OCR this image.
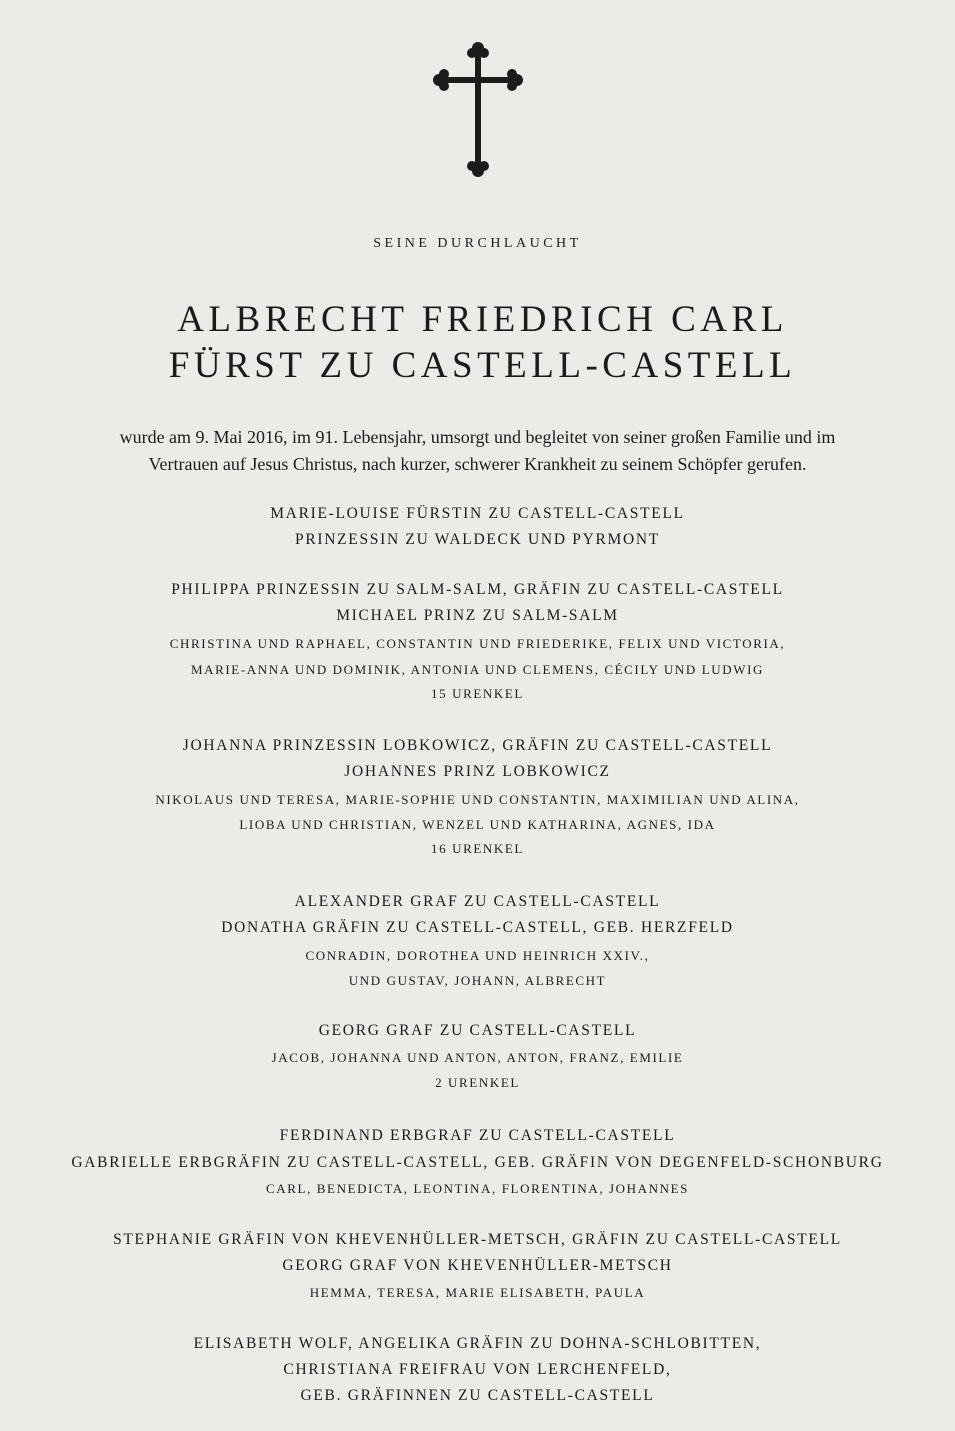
SEINE DURCHLAUCHT
ALBRECHT FRIEDRICH CARL
FÜRST ZU CASTELL-CASTELL
wurde am 9. Mai 2016, im 91. Lebensjahr, umsorgt und begleitet von seiner großen Familie und im
Vertrauen auf Jesus Christus, nach kurzer, schwerer Krankheit zu seinem Schöpfer gerufen.
MARIE-LOUISE FÜRSTIN ZU CASTELL-CASTELL
PRINZESSIN ZU WALDECK UND PYRMONT
PHILIPPA PRINZESSIN ZU SALM-SALM, GRÄFIN ZU CASTELL-CASTELL
MICHAEL PRINZ ZU SALM-SALM
CHRISTINA UND RAPHAEL, CONSTANTIN UND FRIEDERIKE, FELIX UND VICTORIA,
MARIE-ANNA UND DOMINIK, ANTONIA UND CLEMENS, CÉCILY UND LUDWIG
15 URENKEL
JOHANNA PRINZESSIN LOBKOWICZ, GRÄFIN ZU CASTELL-CASTELL
JOHANNES PRINZ LOBKOWICZ
NIKOLAUS UND TERESA, MARIE-SOPHIE UND CONSTANTIN, MAXIMILIAN UND ALINA,
LIOBA UND CHRISTIAN, WENZEL UND KATHARINA, AGNES, IDA
16 URENKEL
ALEXANDER GRAF ZU CASTELL-CASTELL
DONATHA GRÄFIN ZU CASTELL-CASTELL, GEB. HERZFELD
CONRADIN, DOROTHEA UND HEINRICH XXIV.,
UND GUSTAV, JOHANN, ALBRECHT
GEORG GRAF ZU CASTELL-CASTELL
JACOB, JOHANNA UND ANTON, ANTON, FRANZ, EMILIE
2 URENKEL
FERDINAND ERBGRAF ZU CASTELL-CASTELL
GABRIELLE ERBGRÄFIN ZU CASTELL-CASTELL, GEB. GRÄFIN VON DEGENFELD-SCHONBURG
CARL, BENEDICTA, LEONTINA, FLORENTINA, JOHANNES
STEPHANIE GRÄFIN VON KHEVENHÜLLER-METSCH, GRÄFIN ZU CASTELL-CASTELL
GEORG GRAF VON KHEVENHÜLLER-METSCH
HEMMA, TERESA, MARIE ELISABETH, PAULA
ELISABETH WOLF, ANGELIKA GRÄFIN ZU DOHNA-SCHLOBITTEN,
CHRISTIANA FREIFRAU VON LERCHENFELD,
GEB. GRÄFINNEN ZU CASTELL-CASTELL
